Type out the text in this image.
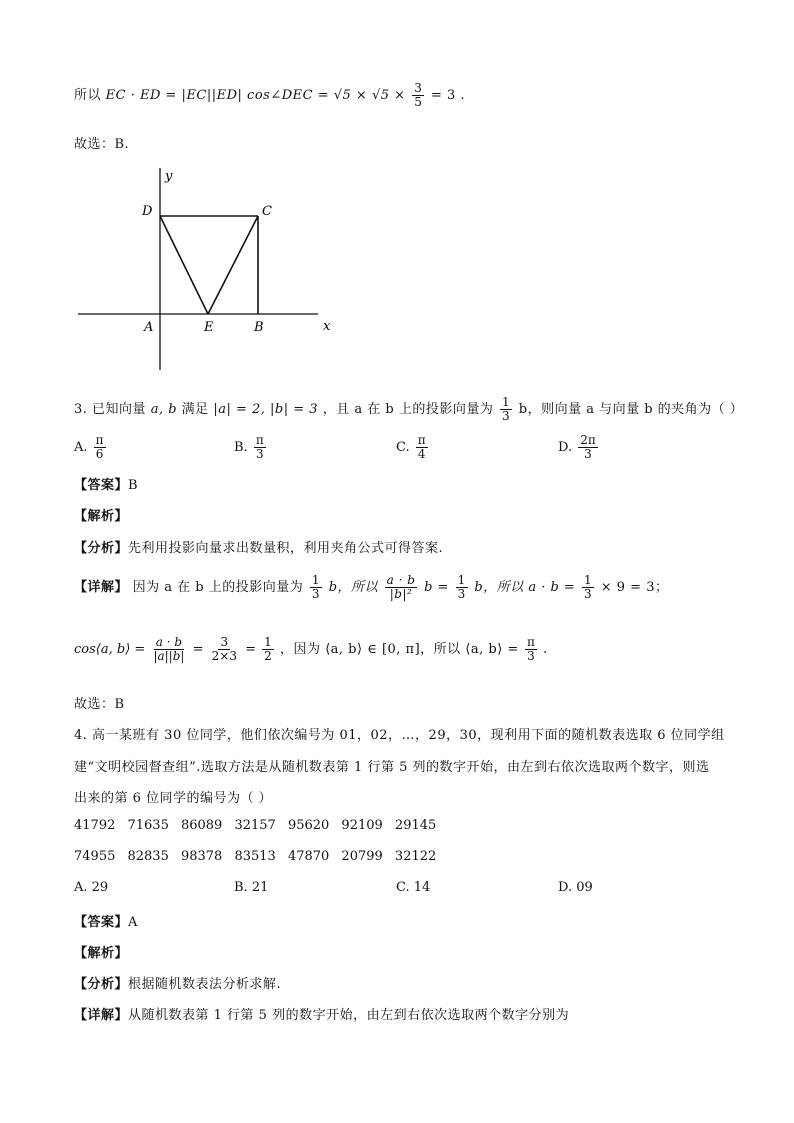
所以 EC · ED = |EC||ED| cos∠DEC = $√5 \times √5 \times \frac{3}{5} = 3$ .
故选：B.
y
x
D	C
A	E	B
3. 已知向量 a, b 满足 |a| = 2, |b| = 3 ，且 a 在 b 上的投影向量为 $\frac{1}{3}$ b，则向量 a 与向量 b 的夹角为（ ）
A. $\frac{\pi}{6}$	B. $\frac{\pi}{3}$	C. $\frac{\pi}{4}$	D. $\frac{2\pi}{3}$
【答案】B
【解析】
【分析】先利用投影向量求出数量积，利用夹角公式可得答案.
【详解】 因为 a 在 b 上的投影向量为 $\frac{1}{3}$ b，所以 $\frac{a \cdot b}{\text{|b|²}}$ $b = \frac{1}{3}$ b，所以 $a \cdot b = \frac{1}{3} \times 9 = 3$；
cos⟨a, b⟩ = $\frac{a \cdot b}{|a||b|} = \frac{3}{2\times 3} = \frac{1}{2}$ ，因为 ⟨a, b⟩ ∈ [0, π]，所以 ⟨a, b⟩ = $\frac{\pi}{3}$ .
故选：B
4. 高一某班有 30 位同学，他们依次编号为 01，02，…，29，30，现利用下面的随机数表选取 6 位同学组
建“文明校园督查组”.选取方法是从随机数表第 1 行第 5 列的数字开始，由左到右依次选取两个数字，则选
出来的第 6 位同学的编号为（ ）
41792 71635 86089 32157 95620 92109 29145
74955 82835 98378 83513 47870 20799 32122
A. 29	B. 21	C. 14	D. 09
【答案】A
【解析】
【分析】根据随机数表法分析求解.
【详解】从随机数表第 1 行第 5 列的数字开始，由左到右依次选取两个数字分别为
